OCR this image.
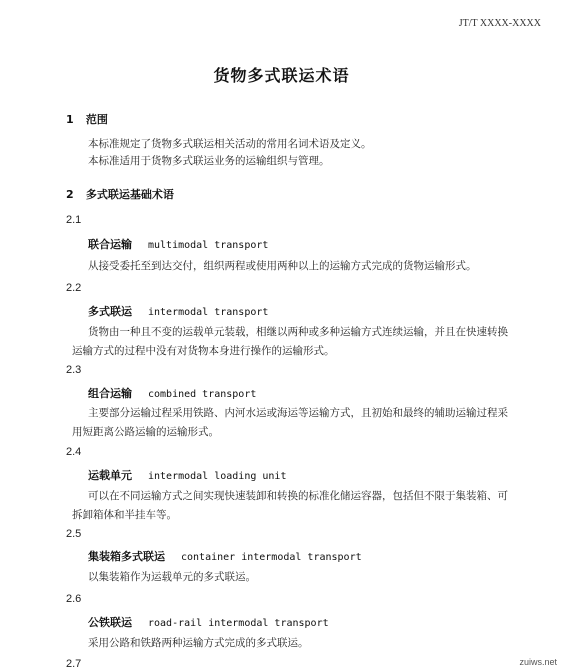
JT/T XXXX-XXXX
货物多式联运术语
1 范围
本标准规定了货物多式联运相关活动的常用名词术语及定义。
本标准适用于货物多式联运业务的运输组织与管理。
2 多式联运基础术语
2.1
联合运输 multimodal transport
从接受委托至到达交付，组织两程或使用两种以上的运输方式完成的货物运输形式。
2.2
多式联运 intermodal transport
货物由一种且不变的运载单元装载，相继以两种或多种运输方式连续运输，并且在快速转换运输方式的过程中没有对货物本身进行操作的运输形式。
2.3
组合运输 combined transport
主要部分运输过程采用铁路、内河水运或海运等运输方式，且初始和最终的辅助运输过程采用短距离公路运输的运输形式。
2.4
运载单元 intermodal loading unit
可以在不同运输方式之间实现快速装卸和转换的标准化储运容器，包括但不限于集装箱、可拆卸箱体和半挂车等。
2.5
集装箱多式联运 container intermodal transport
以集装箱作为运载单元的多式联运。
2.6
公铁联运 road-rail intermodal transport
采用公路和铁路两种运输方式完成的多式联运。
2.7	zuiws.net
